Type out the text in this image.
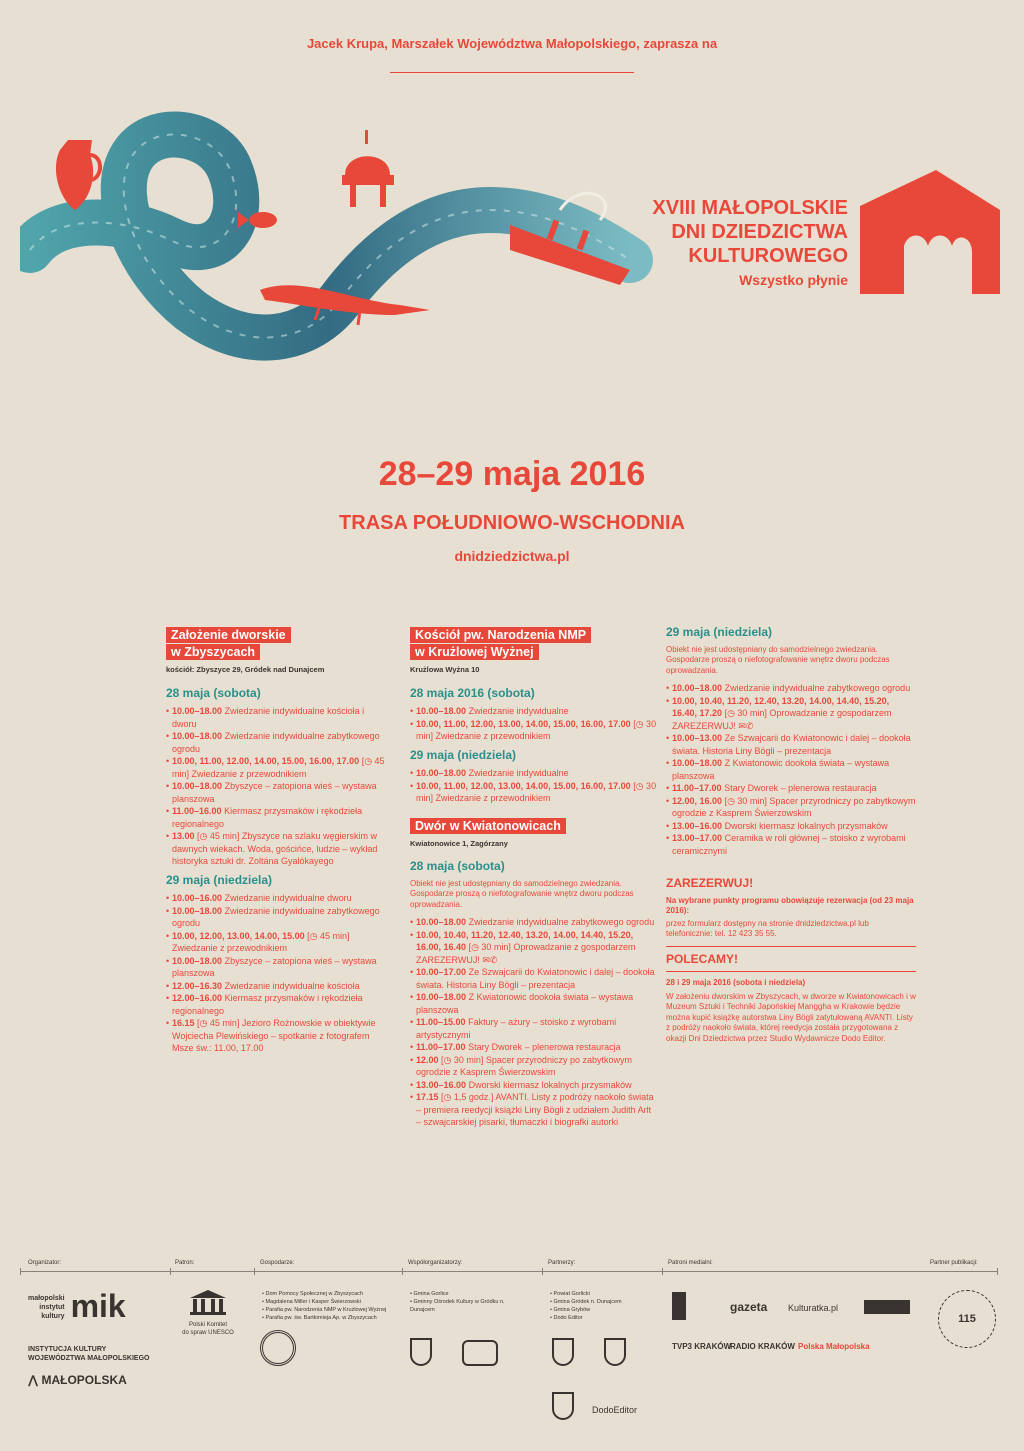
Jacek Krupa, Marszałek Województwa Małopolskiego, zaprasza na
XVIII MAŁOPOLSKIE
DNI DZIEDZICTWA
KULTUROWEGO
Wszystko płynie
28–29 maja 2016
TRASA POŁUDNIOWO-WSCHODNIA
dnidziedzictwa.pl
Założenie dworskie
w Zbyszycach
kościół: Zbyszyce 29, Gródek nad Dunajcem
28 maja (sobota)
• 10.00–18.00 Zwiedzanie indywidualne kościoła i dworu
• 10.00–18.00 Zwiedzanie indywidualne zabytkowego ogrodu
• 10.00, 11.00, 12.00, 14.00, 15.00, 16.00, 17.00 [◷ 45 min] Zwiedzanie z przewodnikiem
• 10.00–18.00 Zbyszyce – zatopiona wieś – wystawa planszowa
• 11.00–16.00 Kiermasz przysmaków i rękodzieła regionalnego
• 13.00 [◷ 45 min] Zbyszyce na szlaku węgierskim w dawnych wiekach. Woda, gościńce, ludzie – wykład historyka sztuki dr. Zoltána Gyalókayego
29 maja (niedziela)
• 10.00–16.00 Zwiedzanie indywidualne dworu
• 10.00–18.00 Zwiedzanie indywidualne zabytkowego ogrodu
• 10.00, 12.00, 13.00, 14.00, 15.00 [◷ 45 min] Zwiedzanie z przewodnikiem
• 10.00–18.00 Zbyszyce – zatopiona wieś – wystawa planszowa
• 12.00–16.30 Zwiedzanie indywidualne kościoła
• 12.00–16.00 Kiermasz przysmaków i rękodzieła regionalnego
• 16.15 [◷ 45 min] Jezioro Rożnowskie w obiektywie Wojciecha Plewińskiego – spotkanie z fotografem Msze św.: 11.00, 17.00
Kościół pw. Narodzenia NMP
w Krużlowej Wyżnej
Krużlowa Wyżna 10
28 maja 2016 (sobota)
• 10.00–18.00 Zwiedzanie indywidualne
• 10.00, 11.00, 12.00, 13.00, 14.00, 15.00, 16.00, 17.00 [◷ 30 min] Zwiedzanie z przewodnikiem
29 maja (niedziela)
• 10.00–18.00 Zwiedzanie indywidualne
• 10.00, 11.00, 12.00, 13.00, 14.00, 15.00, 16.00, 17.00 [◷ 30 min] Zwiedzanie z przewodnikiem
Dwór w Kwiatonowicach
Kwiatonowice 1, Zagórzany
28 maja (sobota)
Obiekt nie jest udostępniany do samodzielnego zwiedzania. Gospodarze proszą o niefotografowanie wnętrz dworu podczas oprowadzania.
• 10.00–18.00 Zwiedzanie indywidualne zabytkowego ogrodu
• 10.00, 10.40, 11.20, 12.40, 13.20, 14.00, 14.40, 15.20, 16.00, 16.40 [◷ 30 min] Oprowadzanie z gospodarzem ZAREZERWUJ! ✉✆
• 10.00–17.00 Ze Szwajcarii do Kwiatonowic i dalej – dookoła świata. Historia Liny Bögli – prezentacja
• 10.00–18.00 Z Kwiatonowic dookoła świata – wystawa planszowa
• 11.00–15.00 Faktury – ażury – stoisko z wyrobami artystycznymi
• 11.00–17.00 Stary Dworek – plenerowa restauracja
• 12.00 [◷ 30 min] Spacer przyrodniczy po zabytkowym ogrodzie z Kasprem Świerzowskim
• 13.00–16.00 Dworski kiermasz lokalnych przysmaków
• 17.15 [◷ 1,5 godz.] AVANTI. Listy z podróży naokoło świata – premiera reedycji książki Liny Bögli z udziałem Judith Arlt – szwajcarskiej pisarki, tłumaczki i biografki autorki
29 maja (niedziela)
Obiekt nie jest udostępniany do samodzielnego zwiedzania. Gospodarze proszą o niefotografowanie wnętrz dworu podczas oprowadzania.
• 10.00–18.00 Zwiedzanie indywidualne zabytkowego ogrodu
• 10.00, 10.40, 11.20, 12.40, 13.20, 14.00, 14.40, 15.20, 16.40, 17.20 [◷ 30 min] Oprowadzanie z gospodarzem ZAREZERWUJ! ✉✆
• 10.00–13.00 Ze Szwajcarii do Kwiatonowic i dalej – dookoła świata. Historia Liny Bögli – prezentacja
• 10.00–18.00 Z Kwiatonowic dookoła świata – wystawa planszowa
• 11.00–17.00 Stary Dworek – plenerowa restauracja
• 12.00, 16.00 [◷ 30 min] Spacer przyrodniczy po zabytkowym ogrodzie z Kasprem Świerzowskim
• 13.00–16.00 Dworski kiermasz lokalnych przysmaków
• 13.00–17.00 Ceramika w roli głównej – stoisko z wyrobami ceramicznymi
ZAREZERWUJ!
Na wybrane punkty programu obowiązuje rezerwacja (od 23 maja 2016):
przez formularz dostępny na stronie dnidziedzictwa.pl lub
telefonicznie: tel. 12 423 35 55.
POLECAMY!
28 i 29 maja 2016 (sobota i niedziela)
W założeniu dworskim w Zbyszycach, w dworze w Kwiatonowicach i w Muzeum Sztuki i Techniki Japońskiej Manggha w Krakowie będzie można kupić książkę autorstwa Liny Bögli zatytułowaną AVANTI. Listy z podróży naokoło świata, której reedycja została przygotowana z okazji Dni Dziedzictwa przez Studio Wydawnicze Dodo Editor.
Organizator:	Patron:	Gospodarze:	Współorganizatorzy:	Partnerzy:	Patroni medialni:	Partner publikacji:
małopolski
instytut
kultury mik
INSTYTUCJA KULTURY
WOJEWÓDZTWA MAŁOPOLSKIEGO
⋀ MAŁOPOLSKA
Polski Komitet
do spraw UNESCO
• Dom Pomocy Społecznej w Zbyszycach
• Magdalena Miller i Kasper Świerzowski
• Parafia pw. Narodzenia NMP w Krużlowej Wyżnej
• Parafia pw. św. Bartłomieja Ap. w Zbyszycach
• Gmina Gorlice
• Gminny Ośrodek Kultury w Gródku n. Dunajcem
• Powiat Gorlicki
• Gmina Gródek n. Dunajcem
• Gmina Gryböw
• Dodo Editor
DodoEditor
gazeta Kulturatka.pl
TVP3 KRAKÓW
RADIO KRAKÓW Polska Małopolska
115
